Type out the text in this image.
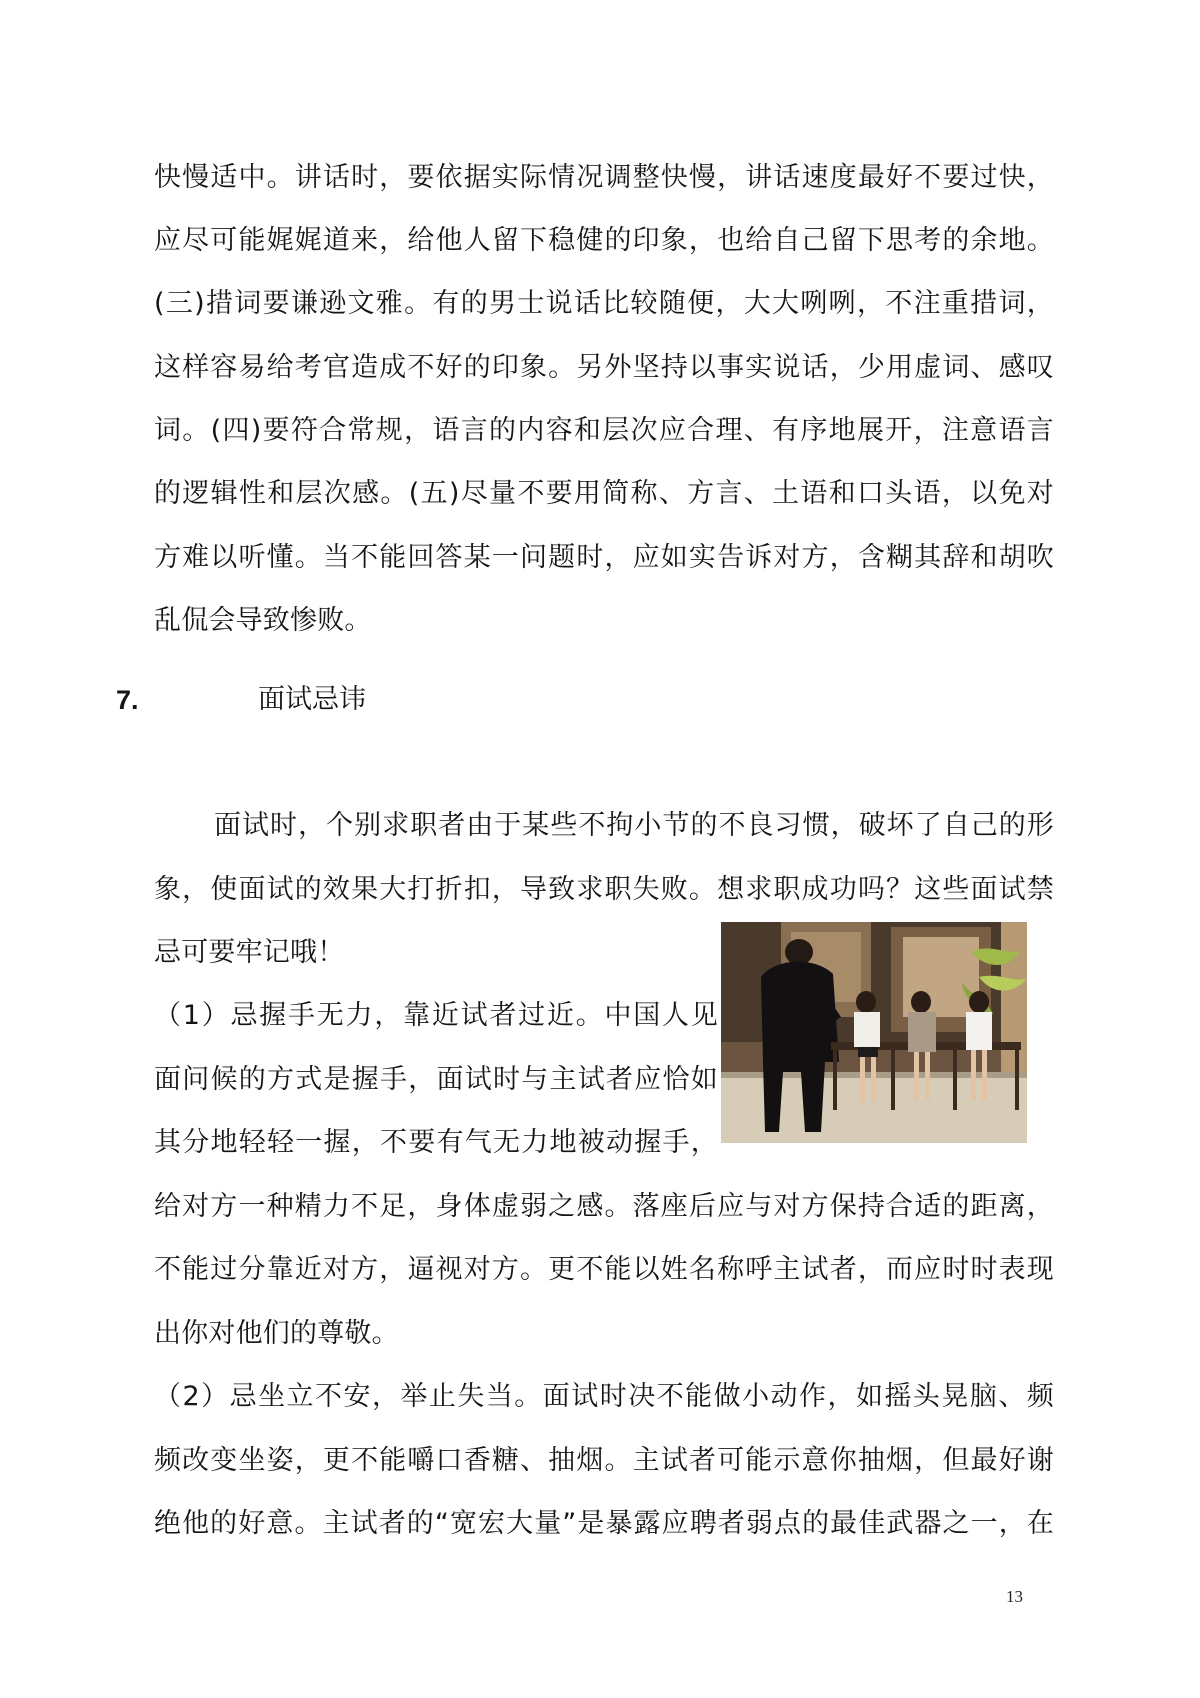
快慢适中。讲话时，要依据实际情况调整快慢，讲话速度最好不要过快，
应尽可能娓娓道来，给他人留下稳健的印象，也给自己留下思考的余地。
(三)措词要谦逊文雅。有的男士说话比较随便，大大咧咧，不注重措词，
这样容易给考官造成不好的印象。另外坚持以事实说话，少用虚词、感叹
词。(四)要符合常规，语言的内容和层次应合理、有序地展开，注意语言
的逻辑性和层次感。(五)尽量不要用简称、方言、土语和口头语，以免对
方难以听懂。当不能回答某一问题时，应如实告诉对方，含糊其辞和胡吹
乱侃会导致惨败。
7.	面试忌讳
面试时，个别求职者由于某些不拘小节的不良习惯，破坏了自己的形
象，使面试的效果大打折扣，导致求职失败。想求职成功吗？这些面试禁
忌可要牢记哦！
（1）忌握手无力，靠近试者过近。中国人见
面问候的方式是握手，面试时与主试者应恰如
其分地轻轻一握，不要有气无力地被动握手，
给对方一种精力不足，身体虚弱之感。落座后应与对方保持合适的距离，
不能过分靠近对方，逼视对方。更不能以姓名称呼主试者，而应时时表现
出你对他们的尊敬。
（2）忌坐立不安，举止失当。面试时决不能做小动作，如摇头晃脑、频
频改变坐姿，更不能嚼口香糖、抽烟。主试者可能示意你抽烟，但最好谢
绝他的好意。主试者的“宽宏大量”是暴露应聘者弱点的最佳武器之一，在
13
